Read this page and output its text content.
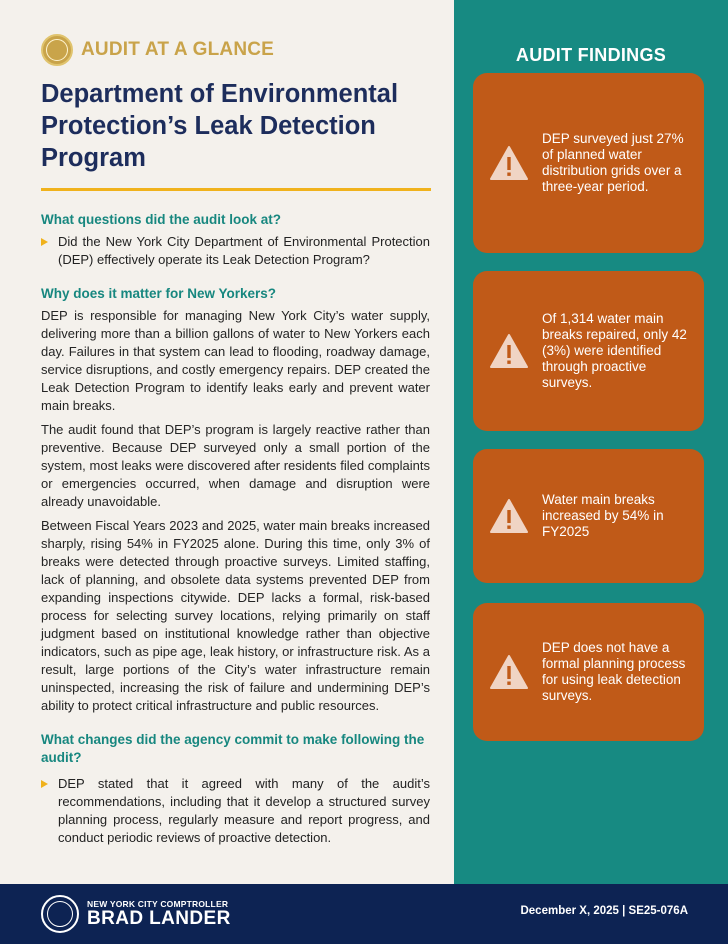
AUDIT AT A GLANCE
Department of Environmental Protection’s Leak Detection Program
What questions did the audit look at?
Did the New York City Department of Environmental Protection (DEP) effectively operate its Leak Detection Program?
Why does it matter for New Yorkers?

DEP is responsible for managing New York City’s water supply, delivering more than a billion gallons of water to New Yorkers each day. Failures in that system can lead to flooding, roadway damage, service disruptions, and costly emergency repairs. DEP created the Leak Detection Program to identify leaks early and prevent water main breaks.

The audit found that DEP’s program is largely reactive rather than preventive. Because DEP surveyed only a small portion of the system, most leaks were discovered after residents filed complaints or emergencies occurred, when damage and disruption were already unavoidable.

Between Fiscal Years 2023 and 2025, water main breaks increased sharply, rising 54% in FY2025 alone. During this time, only 3% of breaks were detected through proactive surveys. Limited staffing, lack of planning, and obsolete data systems prevented DEP from expanding inspections citywide. DEP lacks a formal, risk-based process for selecting survey locations, relying primarily on staff judgment based on institutional knowledge rather than objective indicators, such as pipe age, leak history, or infrastructure risk. As a result, large portions of the City’s water infrastructure remain uninspected, increasing the risk of failure and undermining DEP’s ability to protect critical infrastructure and public resources.

What changes did the agency commit to make following the audit?
DEP stated that it agreed with many of the audit’s recommendations, including that it develop a structured survey planning process, regularly measure and report progress, and conduct periodic reviews of proactive detection.
AUDIT FINDINGS
DEP surveyed just 27% of planned water distribution grids over a three-year period.
Of 1,314 water main breaks repaired, only 42 (3%) were identified through proactive surveys.
Water main breaks increased by 54% in FY2025
DEP does not have a formal planning process for using leak detection surveys.
NEW YORK CITY COMPTROLLER
BRAD LANDER	December X, 2025 | SE25-076A
